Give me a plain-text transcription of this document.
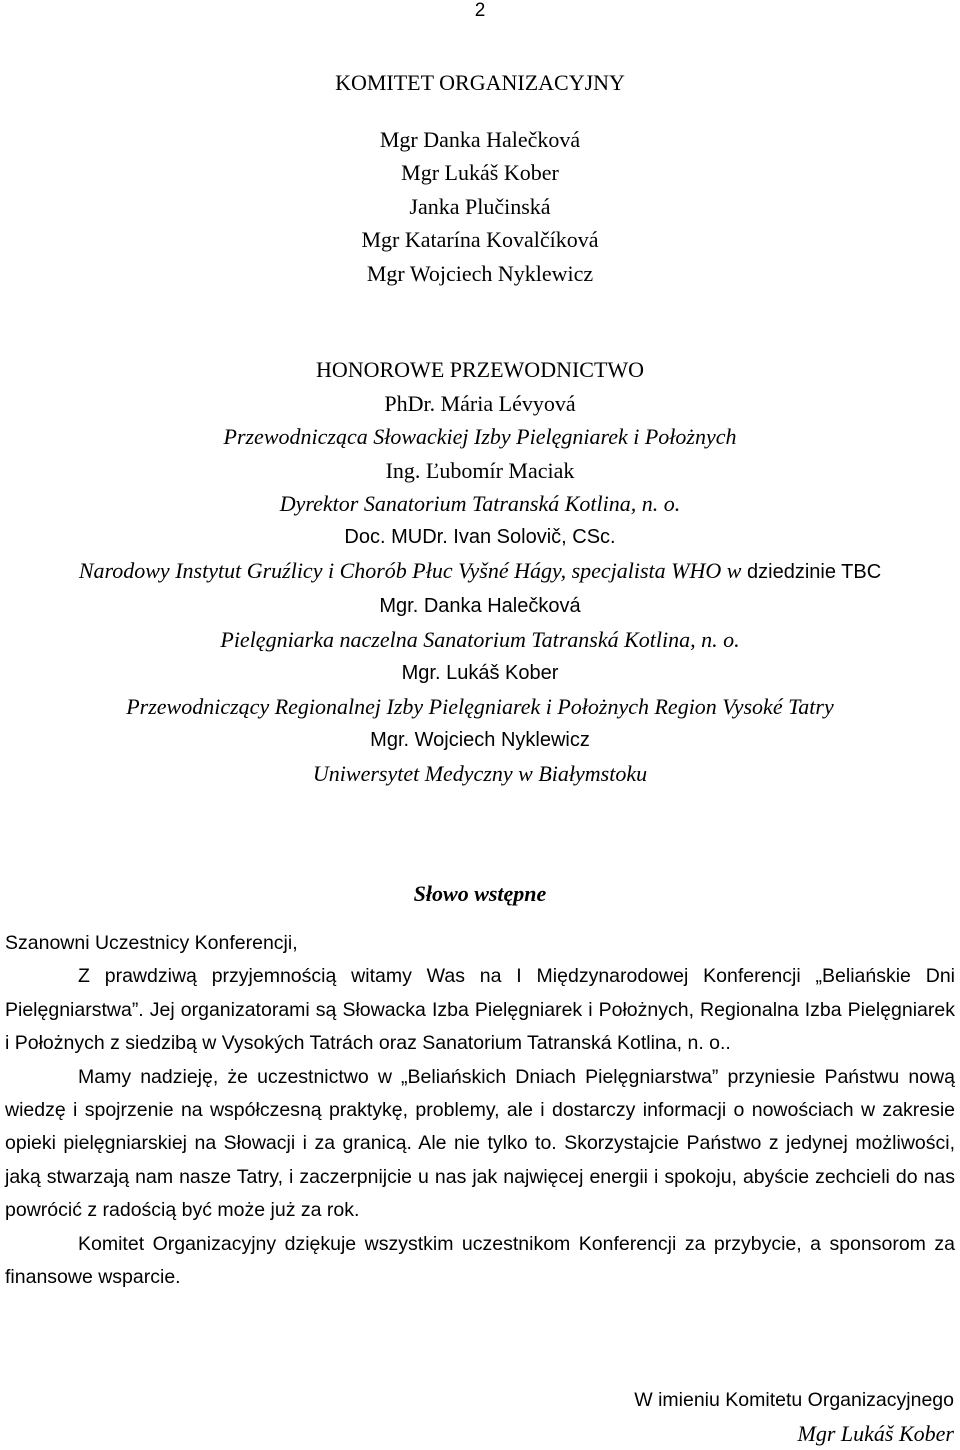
2
KOMITET ORGANIZACYJNY
Mgr Danka Halečková
Mgr Lukáš Kober
Janka Plučinská
Mgr Katarína Kovalčíková
Mgr Wojciech Nyklewicz
HONOROWE PRZEWODNICTWO
PhDr. Mária Lévyová
Przewodnicząca Słowackiej Izby Pielęgniarek i Położnych
Ing. Ľubomír Maciak
Dyrektor Sanatorium Tatranská Kotlina, n. o.
Doc. MUDr. Ivan Solovič, CSc.
Narodowy Instytut Gruźlicy i Chorób Płuc Vyšné Hágy, specjalista WHO w dziedzinie TBC
Mgr. Danka Halečková
Pielęgniarka naczelna Sanatorium Tatranská Kotlina, n. o.
Mgr. Lukáš Kober
Przewodniczący Regionalnej Izby Pielęgniarek i Położnych Region Vysoké Tatry
Mgr. Wojciech Nyklewicz
Uniwersytet Medyczny w Białymstoku
Słowo wstępne

Szanowni Uczestnicy Konferencji,

Z prawdziwą przyjemnością witamy Was na I Międzynarodowej Konferencji „Beliańskie Dni Pielęgniarstwa”. Jej organizatorami są Słowacka Izba Pielęgniarek i Położnych, Regionalna Izba Pielęgniarek i Położnych z siedzibą w Vysokých Tatrách oraz Sanatorium Tatranská Kotlina, n. o..

Mamy nadzieję, że uczestnictwo w „Beliańskich Dniach Pielęgniarstwa” przyniesie Państwu nową wiedzę i spojrzenie na współczesną praktykę, problemy, ale i dostarczy informacji o nowościach w zakresie opieki pielęgniarskiej na Słowacji i za granicą. Ale nie tylko to. Skorzystajcie Państwo z jedynej możliwości, jaką stwarzają nam nasze Tatry, i zaczerpnijcie u nas jak najwięcej energii i spokoju, abyście zechcieli do nas powrócić z radością być może już za rok.

Komitet Organizacyjny dziękuje wszystkim uczestnikom Konferencji za przybycie, a sponsorom za finansowe wsparcie.

W imieniu Komitetu Organizacyjnego
Mgr Lukáš Kober
